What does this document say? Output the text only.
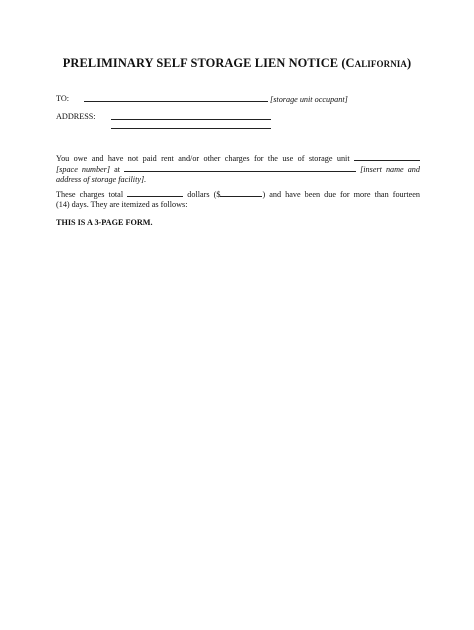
PRELIMINARY SELF STORAGE LIEN NOTICE (California)
TO:	[storage unit occupant]
ADDRESS:
You owe and have not paid rent and/or other charges for the use of storage unit
[space number] at	[insert name and
address of storage facility].
These charges total	dollars ($	) and have been due for more than fourteen
(14) days. They are itemized as follows:
THIS IS A 3-PAGE FORM.
